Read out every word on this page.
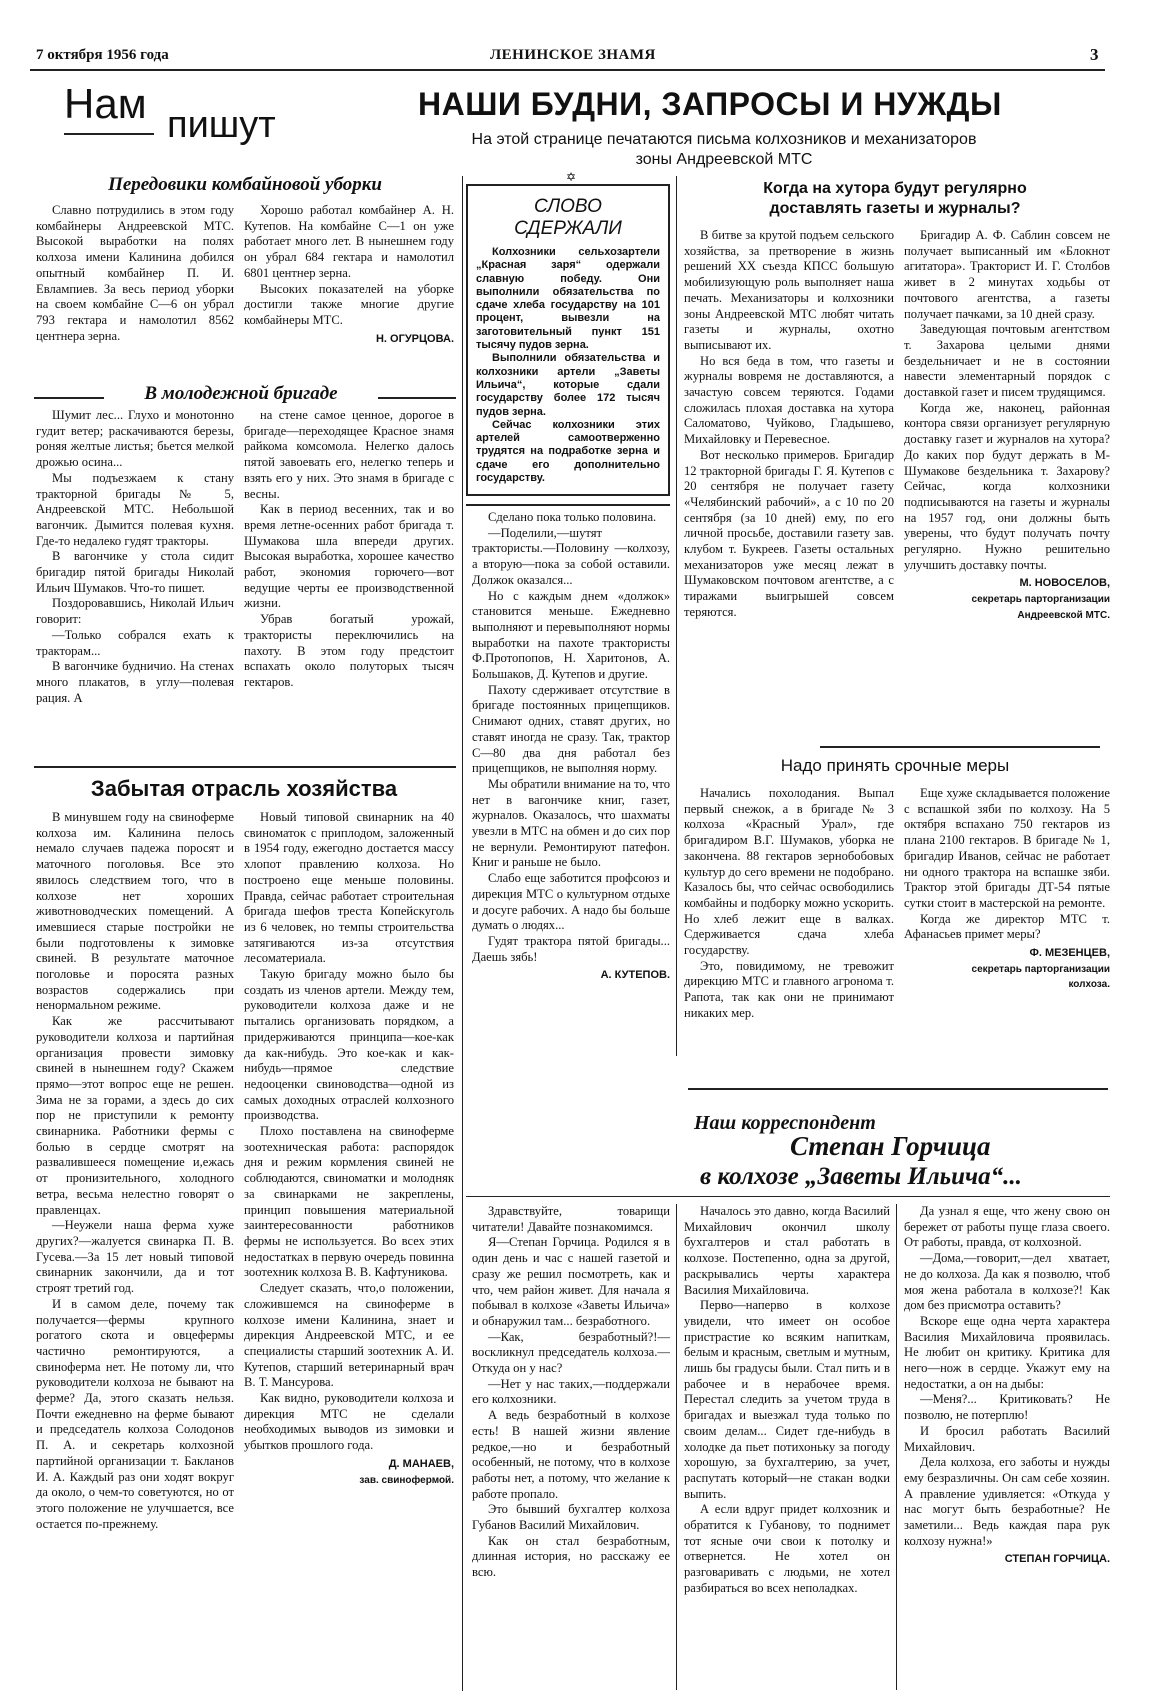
7 октября 1956 года	ЛЕНИНСКОЕ ЗНАМЯ	3
Нам пишут	НАШИ БУДНИ, ЗАПРОСЫ И НУЖДЫ
На этой странице печатаются письма колхозников и механизаторов
зоны Андреевской МТС
Передовики комбайновой уборки

Славно потрудились в этом году комбайнеры Андреевской МТС. Высокой выработки на полях колхоза имени Калинина добился опытный комбайнер П. И. Евлампиев. За весь период уборки на своем комбайне С—6 он убрал 793 гектара и намолотил 8562 центнера зерна.

Хорошо работал комбайнер А. Н. Кутепов. На комбайне С—1 он уже работает много лет. В нынешнем году он убрал 684 гектара и намолотил 6801 центнер зерна.

Высоких показателей на уборке достигли также многие другие комбайнеры МТС.

Н. ОГУРЦОВА.
В молодежной бригаде

Шумит лес... Глухо и монотонно гудит ветер; раскачиваются березы, роняя желтые листья; бьется мелкой дрожью осина...

Мы подъезжаем к стану тракторной бригады № 5, Андреевской МТС. Небольшой вагончик. Дымится полевая кухня. Где-то недалеко гудят тракторы.

В вагончике у стола сидит бригадир пятой бригады Николай Ильич Шумаков. Что-то пишет.

Поздоровавшись, Николай Ильич говорит:

—Только собрался ехать к тракторам...

В вагончике будничио. На стенах много плакатов, в углу—полевая рация. А

на стене самое ценное, дорогое в бригаде—переходящее Красное знамя райкома комсомола. Нелегко далось пятой завоевать его, нелегко теперь и взять его у них. Это знамя в бригаде с весны.

Как в период весенних, так и во время летне-осенних работ бригада т. Шумакова шла впереди других. Высокая выработка, хорошее качество работ, экономия горючего—вот ведущие черты ее производственной жизни.

Убрав богатый урожай, трактористы переключились на пахоту. В этом году предстоит вспахать около полуторых тысяч гектаров.

✡
СЛОВО
СДЕРЖАЛИ

Колхозники сельхозартели „Красная заря“ одержали славную победу. Они выполнили обязательства по сдаче хлеба государству на 101 процент, вывезли на заготовительный пункт 151 тысячу пудов зерна.

Выполнили обязательства и колхозники артели „Заветы Ильича“, которые сдали государству более 172 тысяч пудов зерна.

Сейчас колхозники этих артелей самоотверженно трудятся на подработке зерна и сдаче его дополнительно государству.

Сделано пока только половина.

—Поделили,—шутят трактористы.—Половину —колхозу, а вторую—пока за собой оставили. Должок оказался...

Но с каждым днем «должок» становится меньше. Ежедневно выполняют и перевыполняют нормы выработки на пахоте трактористы Ф.Протопопов, Н. Харитонов, А. Большаков, Д. Кутепов и другие.

Пахоту сдерживает отсутствие в бригаде постоянных прицепщиков. Снимают одних, ставят других, но ставят иногда не сразу. Так, трактор С—80 два дня работал без прицепщиков, не выполняя норму.

Мы обратили внимание на то, что нет в вагончике книг, газет, журналов. Оказалось, что шахматы увезли в МТС на обмен и до сих пор не вернули. Ремонтируют патефон. Книг и раньше не было.

Слабо еще заботится профсоюз и дирекция МТС о культурном отдыхе и досуге рабочих. А надо бы больше думать о людях...

Гудят трактора пятой бригады... Даешь зябь!

А. КУТЕПОВ.
Когда на хутора будут регулярно
доставлять газеты и журналы?

В битве за крутой подъем сельского хозяйства, за претворение в жизнь решений XX съезда КПСС большую мобилизующую роль выполняет наша печать. Механизаторы и колхозники зоны Андреевской МТС любят читать газеты и журналы, охотно выписывают их.

Но вся беда в том, что газеты и журналы вовремя не доставляются, а зачастую совсем теряются. Годами сложилась плохая доставка на хутора Саломатово, Чуйково, Гладышево, Михайловку и Перевесное.

Вот несколько примеров. Бригадир 12 тракторной бригады Г. Я. Кутепов с 20 сентября не получает газету «Челябинский рабочий», а с 10 по 20 сентября (за 10 дней) ему, по его личной просьбе, доставили газету зав. клубом т. Букреев. Газеты остальных механизаторов уже месяц лежат в Шумаковском почтовом агентстве, а с тиражами выигрышей совсем теряются.

Бригадир А. Ф. Саблин совсем не получает выписанный им «Блокнот агитатора». Тракторист И. Г. Столбов живет в 2 минутах ходьбы от почтового агентства, а газеты получает пачками, за 10 дней сразу.

Заведующая почтовым агентством т. Захарова целыми днями бездельничает и не в состоянии навести элементарный порядок с доставкой газет и писем трудящимся.

Когда же, наконец, районная контора связи организует регулярную доставку газет и журналов на хутора? До каких пор будут держать в М-Шумакове бездельника т. Захарову? Сейчас, когда колхозники подписываются на газеты и журналы на 1957 год, они должны быть уверены, что будут получать почту регулярно. Нужно решительно улучшить доставку почты.

М. НОВОСЕЛОВ,
секретарь парторганизации
Андреевской МТС.
Забытая отрасль хозяйства

В минувшем году на свиноферме колхоза им. Калинина пелось немало случаев падежа поросят и маточного поголовья. Все это явилось следствием того, что в колхозе нет хороших животноводческих помещений. А имевшиеся старые постройки не были подготовлены к зимовке свиней. В результате маточное поголовье и поросята разных возрастов содержались при ненормальном режиме.

Как же рассчитывают руководители колхоза и партийная организация провести зимовку свиней в нынешнем году? Скажем прямо—этот вопрос еще не решен. Зима не за горами, а здесь до сих пор не приступили к ремонту свинарника. Работники фермы с болью в сердце смотрят на развалившееся помещение и,ежась от пронизительного, холодного ветра, весьма нелестно говорят о правленцах.

—Неужели наша ферма хуже других?—жалуется свинарка П. В. Гусева.—За 15 лет новый типовой свинарник закончили, да и тот строят третий год.

И в самом деле, почему так получается—фермы крупного рогатого скота и овцефермы частично ремонтируются, а свиноферма нет. Не потому ли, что руководители колхоза не бывают на ферме? Да, этого сказать нельзя. Почти ежедневно на ферме бывают и председатель колхоза Солодонов П. А. и секретарь колхозной партийной организации т. Бакланов И. А. Каждый раз они ходят вокруг да около, о чем-то советуются, но от этого положение не улучшается, все остается по-прежнему.

Новый типовой свинарник на 40 свиноматок с приплодом, заложенный в 1954 году, ежегодно достается массу хлопот правлению колхоза. Но построено еще меньше половины. Правда, сейчас работает строительная бригада шефов треста Копейскуголь из 6 человек, но темпы строительства затягиваются из-за отсутствия лесоматериала.

Такую бригаду можно было бы создать из членов артели. Между тем, руководители колхоза даже и не пытались организовать порядком, а придерживаются принципа—кое-как да как-нибудь. Это кое-как и как-нибудь—прямое следствие недооценки свиноводства—одной из самых доходных отраслей колхозного производства.

Плохо поставлена на свиноферме зоотехническая работа: распорядок дня и режим кормления свиней не соблюдаются, свиноматки и молодняк за свинарками не закреплены, принцип повышения материальной заинтересованности работников фермы не используется. Во всех этих недостатках в первую очередь повинна зоотехник колхоза В. В. Кафтуникова.

Следует сказать, что,о положении, сложившемся на свиноферме в колхозе имени Калинина, знает и дирекция Андреевской МТС, и ее специалисты старший зоотехник А. И. Кутепов, старший ветеринарный врач В. Т. Мансурова.

Как видно, руководители колхоза и дирекция МТС не сделали необходимых выводов из зимовки и убытков прошлого года.

Д. МАНАЕВ,
зав. свинофермой.
Надо принять срочные меры

Начались похолодания. Выпал первый снежок, а в бригаде № 3 колхоза «Красный Урал», где бригадиром В.Г. Шумаков, уборка не закончена. 88 гектаров зернобобовых культур до сего времени не подобрано. Казалось бы, что сейчас освободились комбайны и подборку можно ускорить. Но хлеб лежит еще в валках. Сдерживается сдача хлеба государству.

Это, повидимому, не тревожит дирекцию МТС и главного агронома т. Рапота, так как они не принимают никаких мер.

Еще хуже складывается положение с вспашкой зяби по колхозу. На 5 октября вспахано 750 гектаров из плана 2100 гектаров. В бригаде № 1, бригадир Иванов, сейчас не работает ни одного трактора на вспашке зяби. Трактор этой бригады ДТ-54 пятые сутки стоит в мастерской на ремонте.

Когда же директор МТС т. Афанасьев примет меры?

Ф. МЕЗЕНЦЕВ,
секретарь парторганизации
колхоза.
Наш корреспондент
Степан Горчица
в колхозе „Заветы Ильича“...

Здравствуйте, товарищи читатели! Давайте познакомимся.

Я—Степан Горчица. Родился я в один день и час с нашей газетой и сразу же решил посмотреть, как и что, чем район живет. Для начала я побывал в колхозе «Заветы Ильича» и обнаружил там... безработного.

—Как, безработный?!—воскликнул председатель колхоза.—Откуда он у нас?

—Нет у нас таких,—поддержали его колхозники.

А ведь безработный в колхозе есть! В нашей жизни явление редкое,—но и безработный особенный, не потому, что в колхозе работы нет, а потому, что желание к работе пропало.

Это бывший бухгалтер колхоза Губанов Василий Михайлович.

Как он стал безработным, длинная история, но расскажу ее всю.

Началось это давно, когда Василий Михайлович окончил школу бухгалтеров и стал работать в колхозе. Постепенно, одна за другой, раскрывались черты характера Василия Михайловича.

Перво—наперво в колхозе увидели, что имеет он особое пристрастие ко всяким напиткам, белым и красным, светлым и мутным, лишь бы градусы были. Стал пить и в рабочее и в нерабочее время. Перестал следить за учетом труда в бригадах и выезжал туда только по своим делам... Сидет где-нибудь в холодке да пьет потихоньку за погоду хорошую, за бухгалтерию, за учет, распутать который—не стакан водки выпить.

А если вдруг придет колхозник и обратится к Губанову, то поднимет тот ясные очи свои к потолку и отвернется. Не хотел он разговаривать с людьми, не хотел разбираться во всех неполадках.

Да узнал я еще, что жену свою он бережет от работы пуще глаза своего. От работы, правда, от колхозной.

—Дома,—говорит,—дел хватает, не до колхоза. Да как я позволю, чтоб моя жена работала в колхозе?! Как дом без присмотра оставить?

Вскоре еще одна черта характера Василия Михайловича проявилась. Не любит он критику. Критика для него—нож в сердце. Укажут ему на недостатки, а он на дыбы:

—Меня?... Критиковать? Не позволю, не потерплю!

И бросил работать Василий Михайлович.

Дела колхоза, его заботы и нужды ему безразличны. Он сам себе хозяин. А правление удивляется: «Откуда у нас могут быть безработные? Не заметили... Ведь каждая пара рук колхозу нужна!»

СТЕПАН ГОРЧИЦА.
